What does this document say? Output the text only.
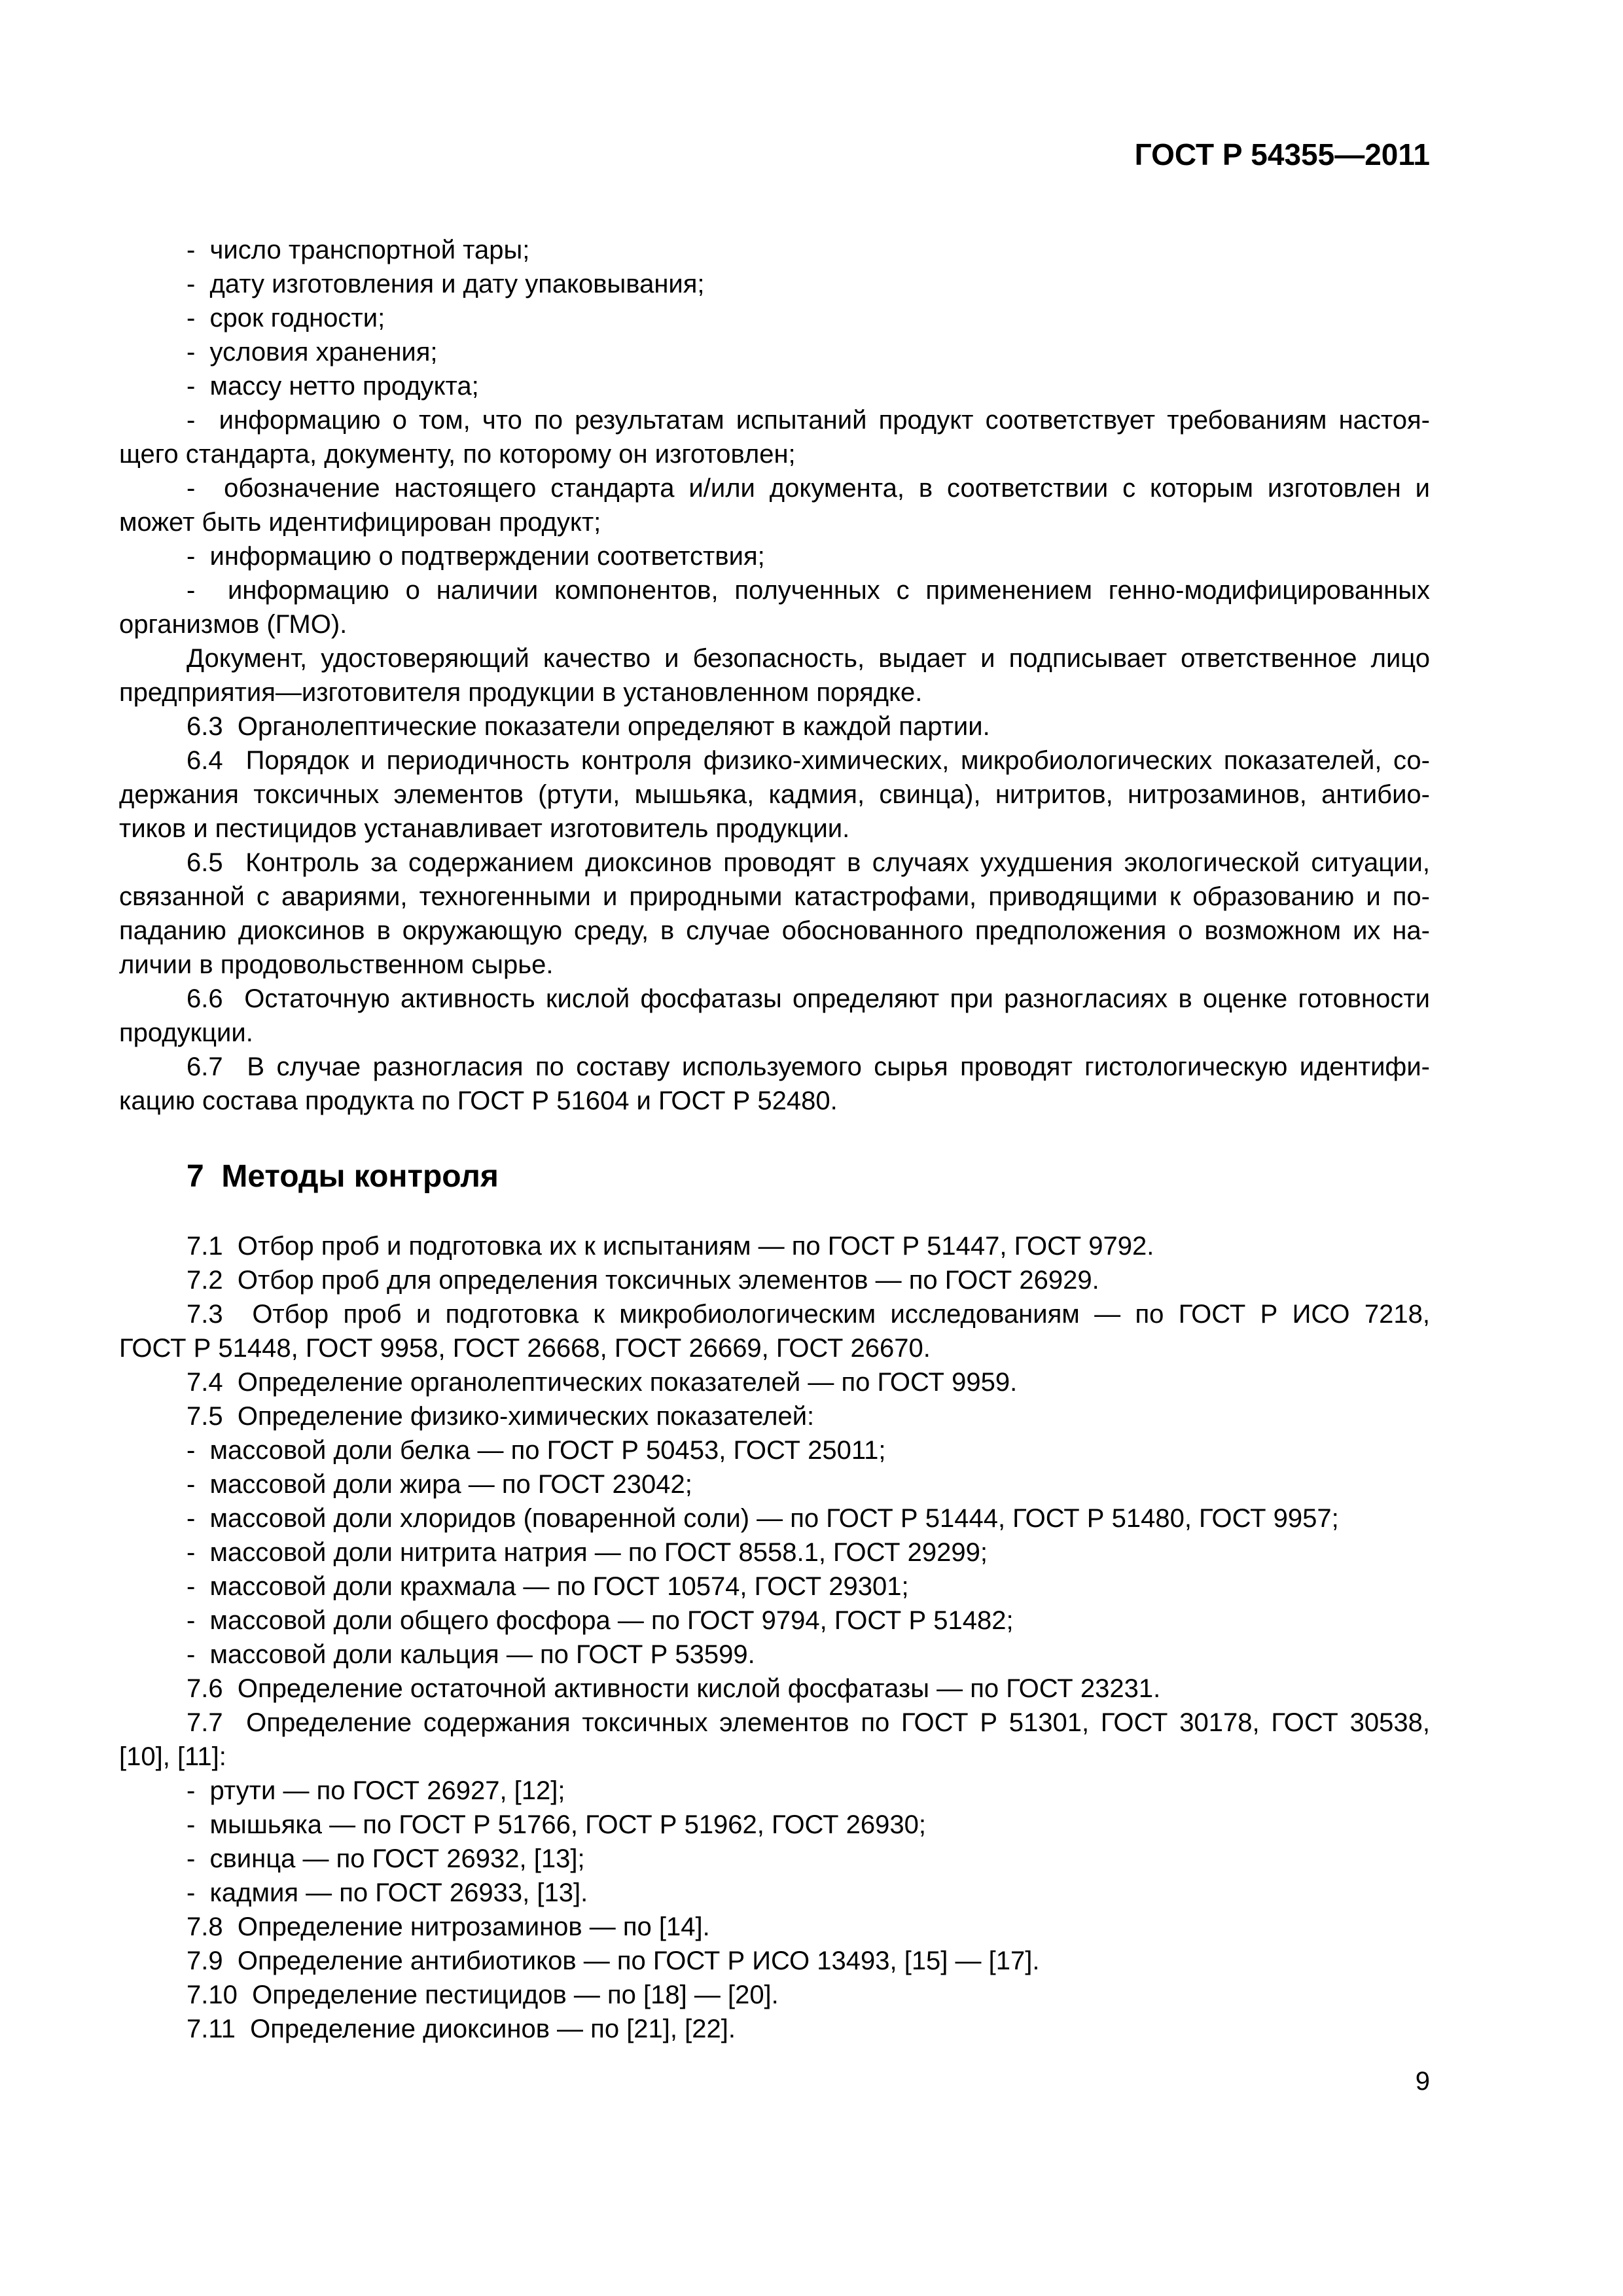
ГОСТ Р 54355—2011
-  число транспортной тары;
-  дату изготовления и дату упаковывания;
-  срок годности;
-  условия хранения;
-  массу нетто продукта;
-  информацию о том, что по результатам испытаний продукт соответствует требованиям настоя-
щего стандарта, документу, по которому он изготовлен;
-  обозначение настоящего стандарта и/или документа, в соответствии с которым изготовлен и
может быть идентифицирован продукт;
-  информацию о подтверждении соответствия;
-  информацию о наличии компонентов, полученных с применением генно-модифицированных
организмов (ГМО).
Документ, удостоверяющий качество и безопасность, выдает и подписывает ответственное лицо
предприятия—изготовителя продукции в установленном порядке.
6.3  Органолептические показатели определяют в каждой партии.
6.4  Порядок и периодичность контроля физико-химических, микробиологических показателей, со-
держания токсичных элементов (ртути, мышьяка, кадмия, свинца), нитритов, нитрозаминов, антибио-
тиков и пестицидов устанавливает изготовитель продукции.
6.5  Контроль за содержанием диоксинов проводят в случаях ухудшения экологической ситуации,
связанной с авариями, техногенными и природными катастрофами, приводящими к образованию и по-
паданию диоксинов в окружающую среду, в случае обоснованного предположения о возможном их на-
личии в продовольственном сырье.
6.6  Остаточную активность кислой фосфатазы определяют при разногласиях в оценке готовности
продукции.
6.7  В случае разногласия по составу используемого сырья проводят гистологическую идентифи-
кацию состава продукта по ГОСТ Р 51604 и ГОСТ Р 52480.
7  Методы контроля
7.1  Отбор проб и подготовка их к испытаниям — по ГОСТ Р 51447, ГОСТ 9792.
7.2  Отбор проб для определения токсичных элементов — по ГОСТ 26929.
7.3  Отбор проб и подготовка к микробиологическим исследованиям — по ГОСТ Р ИСО 7218,
ГОСТ Р 51448, ГОСТ 9958, ГОСТ 26668, ГОСТ 26669, ГОСТ 26670.
7.4  Определение органолептических показателей — по ГОСТ 9959.
7.5  Определение физико-химических показателей:
-  массовой доли белка — по ГОСТ Р 50453, ГОСТ 25011;
-  массовой доли жира — по ГОСТ 23042;
-  массовой доли хлоридов (поваренной соли) — по ГОСТ Р 51444, ГОСТ Р 51480, ГОСТ 9957;
-  массовой доли нитрита натрия — по ГОСТ 8558.1, ГОСТ 29299;
-  массовой доли крахмала — по ГОСТ 10574, ГОСТ 29301;
-  массовой доли общего фосфора — по ГОСТ 9794, ГОСТ Р 51482;
-  массовой доли кальция — по ГОСТ Р 53599.
7.6  Определение остаточной активности кислой фосфатазы — по ГОСТ 23231.
7.7  Определение содержания токсичных элементов по ГОСТ Р 51301, ГОСТ 30178, ГОСТ 30538,
[10], [11]:
-  ртути — по ГОСТ 26927, [12];
-  мышьяка — по ГОСТ Р 51766, ГОСТ Р 51962, ГОСТ 26930;
-  свинца — по ГОСТ 26932, [13];
-  кадмия — по ГОСТ 26933, [13].
7.8  Определение нитрозаминов — по [14].
7.9  Определение антибиотиков — по ГОСТ Р ИСО 13493, [15] — [17].
7.10  Определение пестицидов — по [18] — [20].
7.11  Определение диоксинов — по [21], [22].
9
